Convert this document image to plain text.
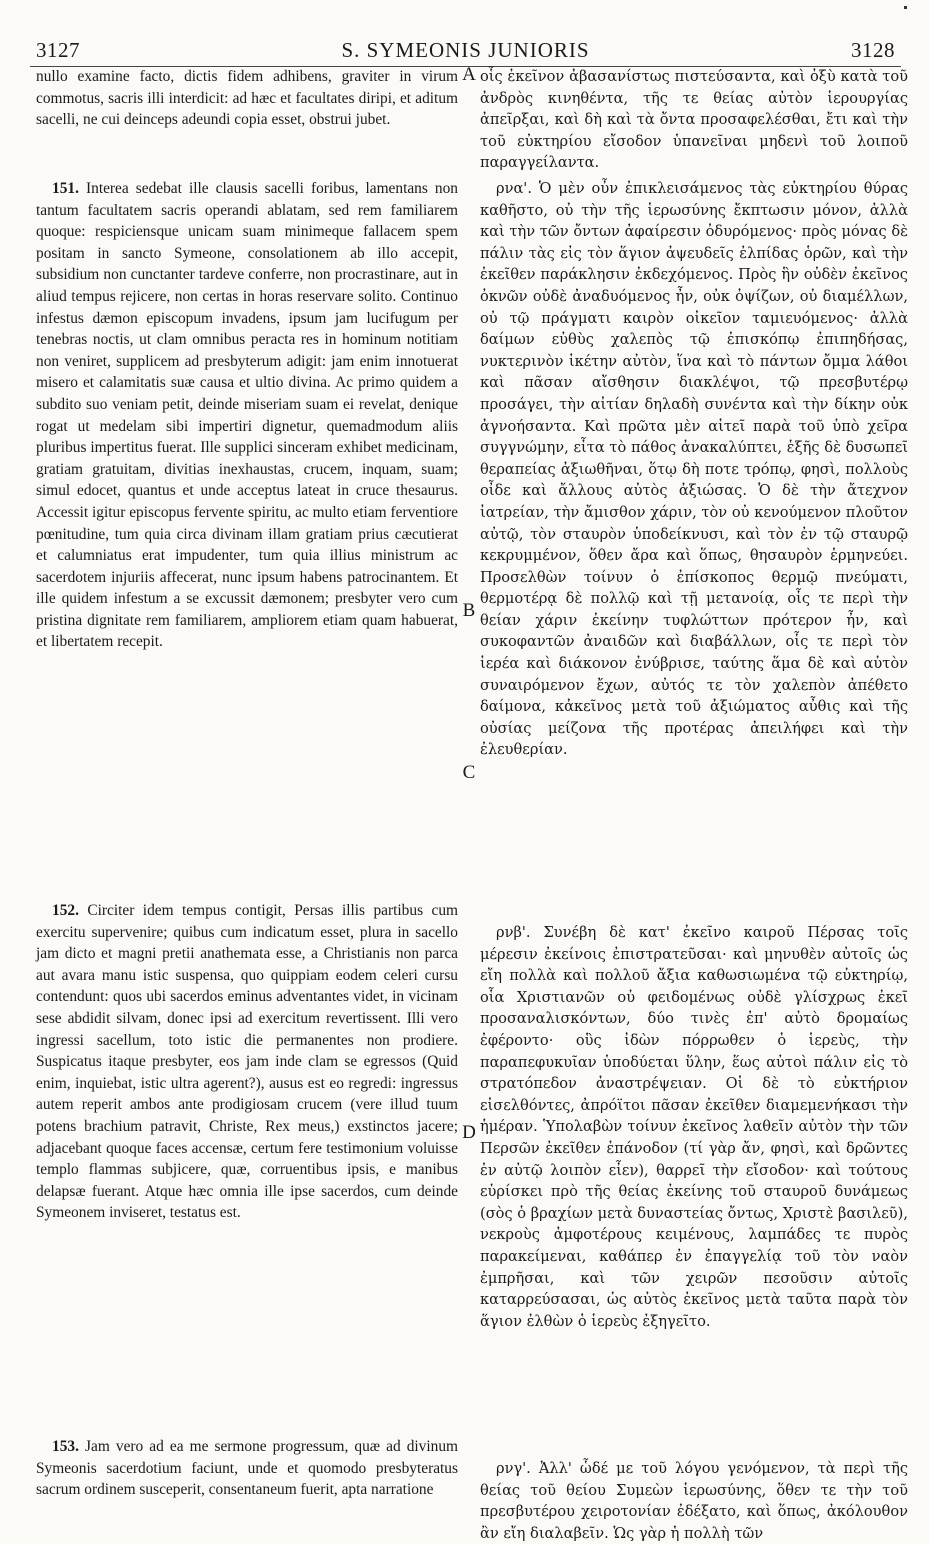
3127	S. SYMEONIS JUNIORIS	3128
A
B
C
D

nullo examine facto, dictis fidem adhibens, graviter in virum commotus, sacris illi interdicit: ad hæc et facultates diripi, et aditum sacelli, ne cui deinceps adeundi copia esset, obstrui jubet.

151. Interea sedebat ille clausis sacelli foribus, lamentans non tantum facultatem sacris operandi ablatam, sed rem familiarem quoque: respiciensque unicam suam minimeque fallacem spem positam in sancto Symeone, consolationem ab illo accepit, subsidium non cunctanter tardeve conferre, non procrastinare, aut in aliud tempus rejicere, non certas in horas reservare solito. Continuo infestus dæmon episcopum invadens, ipsum jam lucifugum per tenebras noctis, ut clam omnibus peracta res in hominum notitiam non veniret, supplicem ad presbyterum adigit: jam enim innotuerat misero et calamitatis suæ causa et ultio divina. Ac primo quidem a subdito suo veniam petit, deinde miseriam suam ei revelat, denique rogat ut medelam sibi impertiri dignetur, quemadmodum aliis pluribus impertitus fuerat. Ille supplici sinceram exhibet medicinam, gratiam gratuitam, divitias inexhaustas, crucem, inquam, suam; simul edocet, quantus et unde acceptus lateat in cruce thesaurus. Accessit igitur episcopus fervente spiritu, ac multo etiam ferventiore pœnitudine, tum quia circa divinam illam gratiam prius cæcutierat et calumniatus erat impudenter, tum quia illius ministrum ac sacerdotem injuriis affecerat, nunc ipsum habens patrocinantem. Et ille quidem infestum a se excussit dæmonem; presbyter vero cum pristina dignitate rem familiarem, ampliorem etiam quam habuerat, et libertatem recepit.

152. Circiter idem tempus contigit, Persas illis partibus cum exercitu supervenire; quibus cum indicatum esset, plura in sacello jam dicto et magni pretii anathemata esse, a Christianis non parca aut avara manu istic suspensa, quo quippiam eodem celeri cursu contendunt: quos ubi sacerdos eminus adventantes videt, in vicinam sese abdidit silvam, donec ipsi ad exercitum revertissent. Illi vero ingressi sacellum, toto istic die permanentes non prodiere. Suspicatus itaque presbyter, eos jam inde clam se egressos (Quid enim, inquiebat, istic ultra agerent?), ausus est eo regredi: ingressus autem reperit ambos ante prodigiosam crucem (vere illud tuum potens brachium patravit, Christe, Rex meus,) exstinctos jacere; adjacebant quoque faces accensæ, certum fere testimonium voluisse templo flammas subjicere, quæ, corruentibus ipsis, e manibus delapsæ fuerant. Atque hæc omnia ille ipse sacerdos, cum deinde Symeonem inviseret, testatus est.

153. Jam vero ad ea me sermone progressum, quæ ad divinum Symeonis sacerdotium faciunt, unde et quomodo presbyteratus sacrum ordinem susceperit, consentaneum fuerit, apta narratione

οἷς ἐκεῖνον ἀβασανίστως πιστεύσαντα, καὶ ὀξὺ κατὰ τοῦ ἀνδρὸς κινηθέντα, τῆς τε θείας αὐτὸν ἱερουργίας ἀπεῖρξαι, καὶ δὴ καὶ τὰ ὄντα προσαφελέσθαι, ἔτι καὶ τὴν τοῦ εὐκτηρίου εἴσοδον ὑπανεῖναι μηδενὶ τοῦ λοιποῦ παραγγείλαντα.

ρνα'. Ὁ μὲν οὖν ἐπικλεισάμενος τὰς εὐκτηρίου θύρας καθῆστο, οὐ τὴν τῆς ἱερωσύνης ἔκπτωσιν μόνον, ἀλλὰ καὶ τὴν τῶν ὄντων ἀφαίρεσιν ὀδυρόμενος· πρὸς μόνας δὲ πάλιν τὰς εἰς τὸν ἅγιον ἀψευδεῖς ἐλπίδας ὁρῶν, καὶ τὴν ἐκεῖθεν παράκλησιν ἐκδεχόμενος. Πρὸς ἣν οὐδὲν ἐκεῖνος ὀκνῶν οὐδὲ ἀναδυόμενος ἦν, οὐκ ὀψίζων, οὐ διαμέλλων, οὐ τῷ πράγματι καιρὸν οἰκεῖον ταμιευόμενος· ἀλλὰ δαίμων εὐθὺς χαλεπὸς τῷ ἐπισκόπῳ ἐπιπηδήσας, νυκτερινὸν ἱκέτην αὐτὸν, ἵνα καὶ τὸ πάντων ὄμμα λάθοι καὶ πᾶσαν αἴσθησιν διακλέψοι, τῷ πρεσβυτέρῳ προσάγει, τὴν αἰτίαν δηλαδὴ συνέντα καὶ τὴν δίκην οὐκ ἀγνοήσαντα. Καὶ πρῶτα μὲν αἰτεῖ παρὰ τοῦ ὑπὸ χεῖρα συγγνώμην, εἶτα τὸ πάθος ἀνακαλύπτει, ἑξῆς δὲ δυσωπεῖ θεραπείας ἀξιωθῆναι, ὅτῳ δὴ ποτε τρόπῳ, φησὶ, πολλοὺς οἶδε καὶ ἄλλους αὐτὸς ἀξιώσας. Ὁ δὲ τὴν ἄτεχνον ἰατρείαν, τὴν ἄμισθον χάριν, τὸν οὐ κενούμενον πλοῦτον αὐτῷ, τὸν σταυρὸν ὑποδείκνυσι, καὶ τὸν ἐν τῷ σταυρῷ κεκρυμμένον, ὅθεν ἄρα καὶ ὅπως, θησαυρὸν ἑρμηνεύει. Προσελθὼν τοίνυν ὁ ἐπίσκοπος θερμῷ πνεύματι, θερμοτέρᾳ δὲ πολλῷ καὶ τῇ μετανοίᾳ, οἷς τε περὶ τὴν θείαν χάριν ἐκείνην τυφλώττων πρότερον ἦν, καὶ συκοφαντῶν ἀναιδῶν καὶ διαβάλλων, οἷς τε περὶ τὸν ἱερέα καὶ διάκονον ἐνύβρισε, ταύτης ἅμα δὲ καὶ αὐτὸν συναιρόμενον ἔχων, αὐτός τε τὸν χαλεπὸν ἀπέθετο δαίμονα, κἀκεῖνος μετὰ τοῦ ἀξιώματος αὖθις καὶ τῆς οὐσίας μείζονα τῆς προτέρας ἀπειλήφει καὶ τὴν ἐλευθερίαν.

ρνβ'. Συνέβη δὲ κατ' ἐκεῖνο καιροῦ Πέρσας τοῖς μέρεσιν ἐκείνοις ἐπιστρατεῦσαι· καὶ μηνυθὲν αὐτοῖς ὡς εἴη πολλὰ καὶ πολλοῦ ἄξια καθωσιωμένα τῷ εὐκτηρίῳ, οἷα Χριστιανῶν οὐ φειδομένως οὐδὲ γλίσχρως ἐκεῖ προσαναλισκόντων, δύο τινὲς ἐπ' αὐτὸ δρομαίως ἐφέροντο· οὓς ἰδὼν πόρρωθεν ὁ ἱερεὺς, τὴν παραπεφυκυῖαν ὑποδύεται ὕλην, ἕως αὐτοὶ πάλιν εἰς τὸ στρατόπεδον ἀναστρέψειαν. Οἱ δὲ τὸ εὐκτήριον εἰσελθόντες, ἀπρόϊτοι πᾶσαν ἐκεῖθεν διαμεμενήκασι τὴν ἡμέραν. Ὑπολαβὼν τοίνυν ἐκεῖνος λαθεῖν αὐτὸν τὴν τῶν Περσῶν ἐκεῖθεν ἐπάνοδον (τί γὰρ ἄν, φησὶ, καὶ δρῶντες ἐν αὐτῷ λοιπὸν εἶεν), θαρρεῖ τὴν εἴσοδον· καὶ τούτους εὑρίσκει πρὸ τῆς θείας ἐκείνης τοῦ σταυροῦ δυνάμεως (σὸς ὁ βραχίων μετὰ δυναστείας ὄντως, Χριστὲ βασιλεῦ), νεκροὺς ἀμφοτέρους κειμένους, λαμπάδες τε πυρὸς παρακείμεναι, καθάπερ ἐν ἐπαγγελίᾳ τοῦ τὸν ναὸν ἐμπρῆσαι, καὶ τῶν χειρῶν πεσοῦσιν αὐτοῖς καταρρεύσασαι, ὡς αὐτὸς ἐκεῖνος μετὰ ταῦτα παρὰ τὸν ἅγιον ἐλθὼν ὁ ἱερεὺς ἐξηγεῖτο.

ρνγ'. Ἀλλ' ὧδέ με τοῦ λόγου γενόμενον, τὰ περὶ τῆς θείας τοῦ θείου Συμεὼν ἱερωσύνης, ὅθεν τε τὴν τοῦ πρεσβυτέρου χειροτονίαν ἐδέξατο, καὶ ὅπως, ἀκόλουθον ἂν εἴη διαλαβεῖν. Ὡς γὰρ ἡ πολλὴ τῶν
